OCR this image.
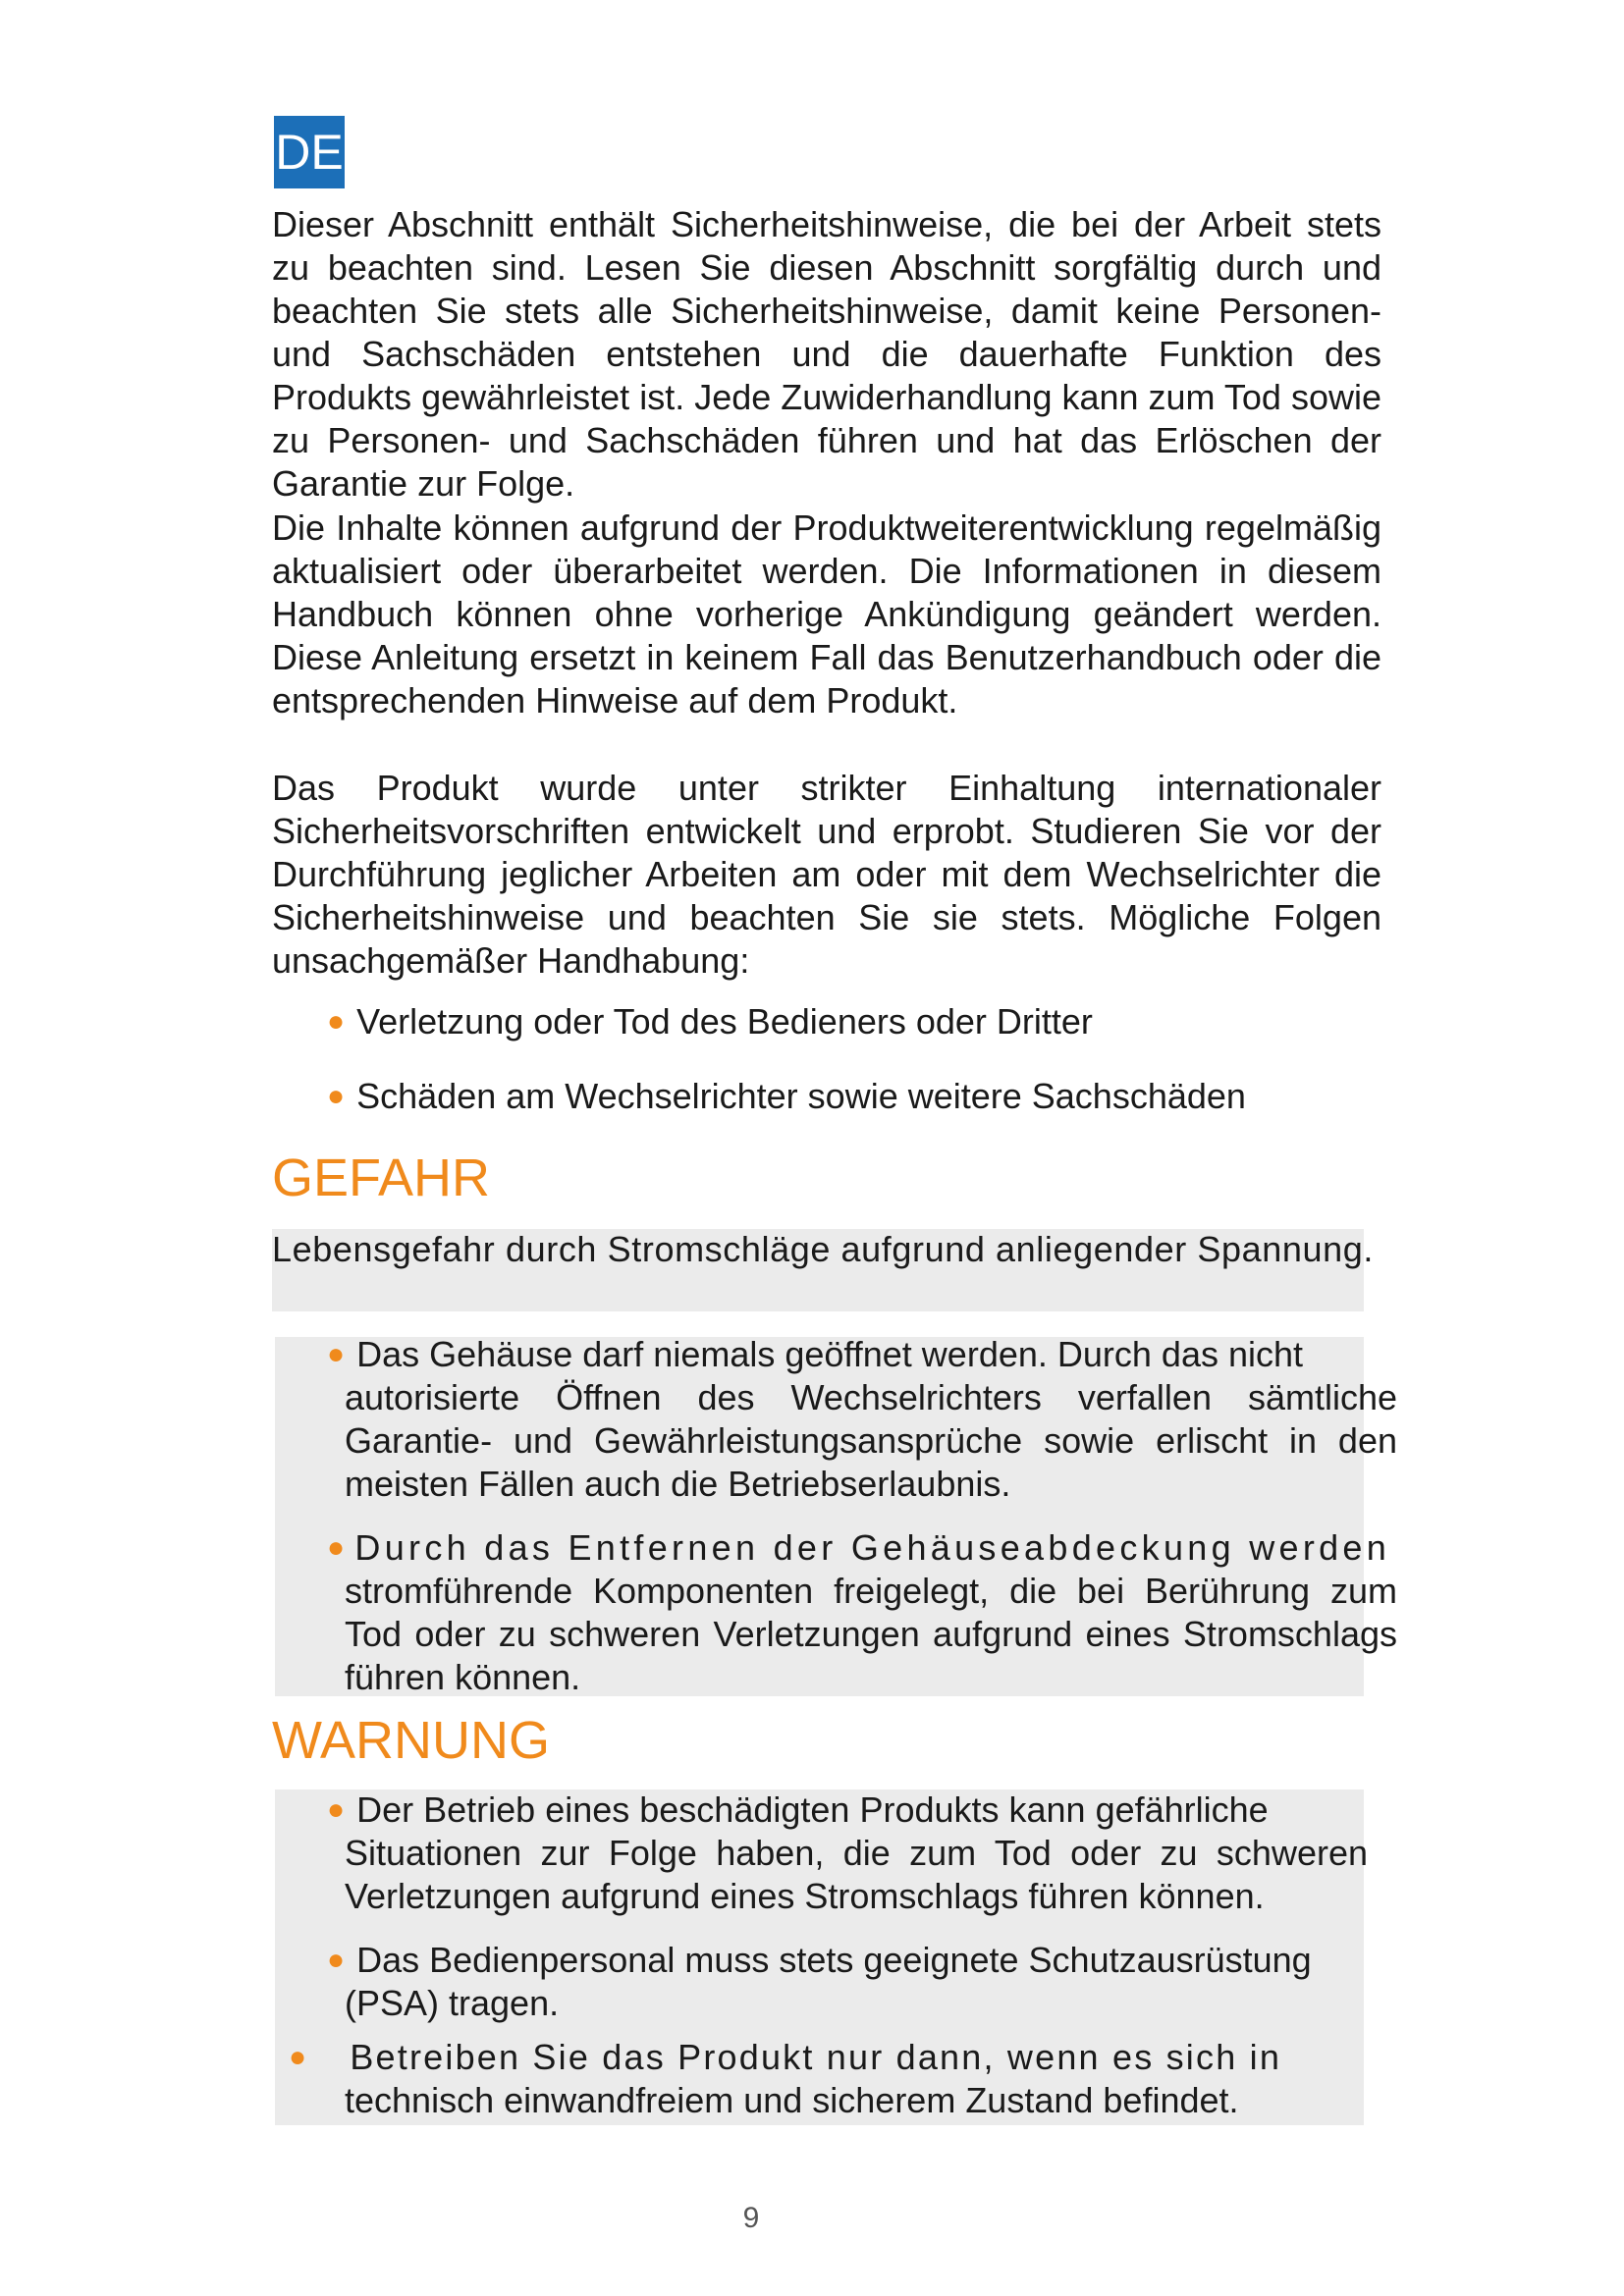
DE

Dieser Abschnitt enthält Sicherheitshinweise, die bei der Arbeit stets zu beachten sind. Lesen Sie diesen Abschnitt sorgfältig durch und beachten Sie stets alle Sicherheitshinweise, damit keine Personen- und Sachschäden entstehen und die dauerhafte Funktion des Produkts gewährleistet ist. Jede Zuwiderhandlung kann zum Tod sowie zu Personen- und Sachschäden führen und hat das Erlöschen der Garantie zur Folge.

Die Inhalte können aufgrund der Produktweiterentwicklung regelmäßig aktualisiert oder überarbeitet werden. Die Informationen in diesem Handbuch können ohne vorherige Ankündigung geändert werden. Diese Anleitung ersetzt in keinem Fall das Benutzerhandbuch oder die entsprechenden Hinweise auf dem Produkt.

Das Produkt wurde unter strikter Einhaltung internationaler Sicherheitsvorschriften entwickelt und erprobt. Studieren Sie vor der Durchführung jeglicher Arbeiten am oder mit dem Wechselrichter die Sicherheitshinweise und beachten Sie sie stets. Mögliche Folgen unsachgemäßer Handhabung:

● Verletzung oder Tod des Bedieners oder Dritter

● Schäden am Wechselrichter sowie weitere Sachschäden

GEFAHR

Lebensgefahr durch Stromschläge aufgrund anliegender Spannung.

● Das Gehäuse darf niemals geöffnet werden. Durch das nicht
autorisierte Öffnen des Wechselrichters verfallen sämtliche Garantie- und Gewährleistungsansprüche sowie erlischt in den meisten Fällen auch die Betriebserlaubnis.

● Durch das Entfernen der Gehäuseabdeckung werden
stromführende Komponenten freigelegt, die bei Berührung zum Tod oder zu schweren Verletzungen aufgrund eines Stromschlags führen können.

WARNUNG

● Der Betrieb eines beschädigten Produkts kann gefährliche
Situationen zur Folge haben, die zum Tod oder zu schweren Verletzungen aufgrund eines Stromschlags führen können.

● Das Bedienpersonal muss stets geeignete Schutzausrüstung
(PSA) tragen.

● Betreiben Sie das Produkt nur dann, wenn es sich in
technisch einwandfreiem und sicherem Zustand befindet.

9
